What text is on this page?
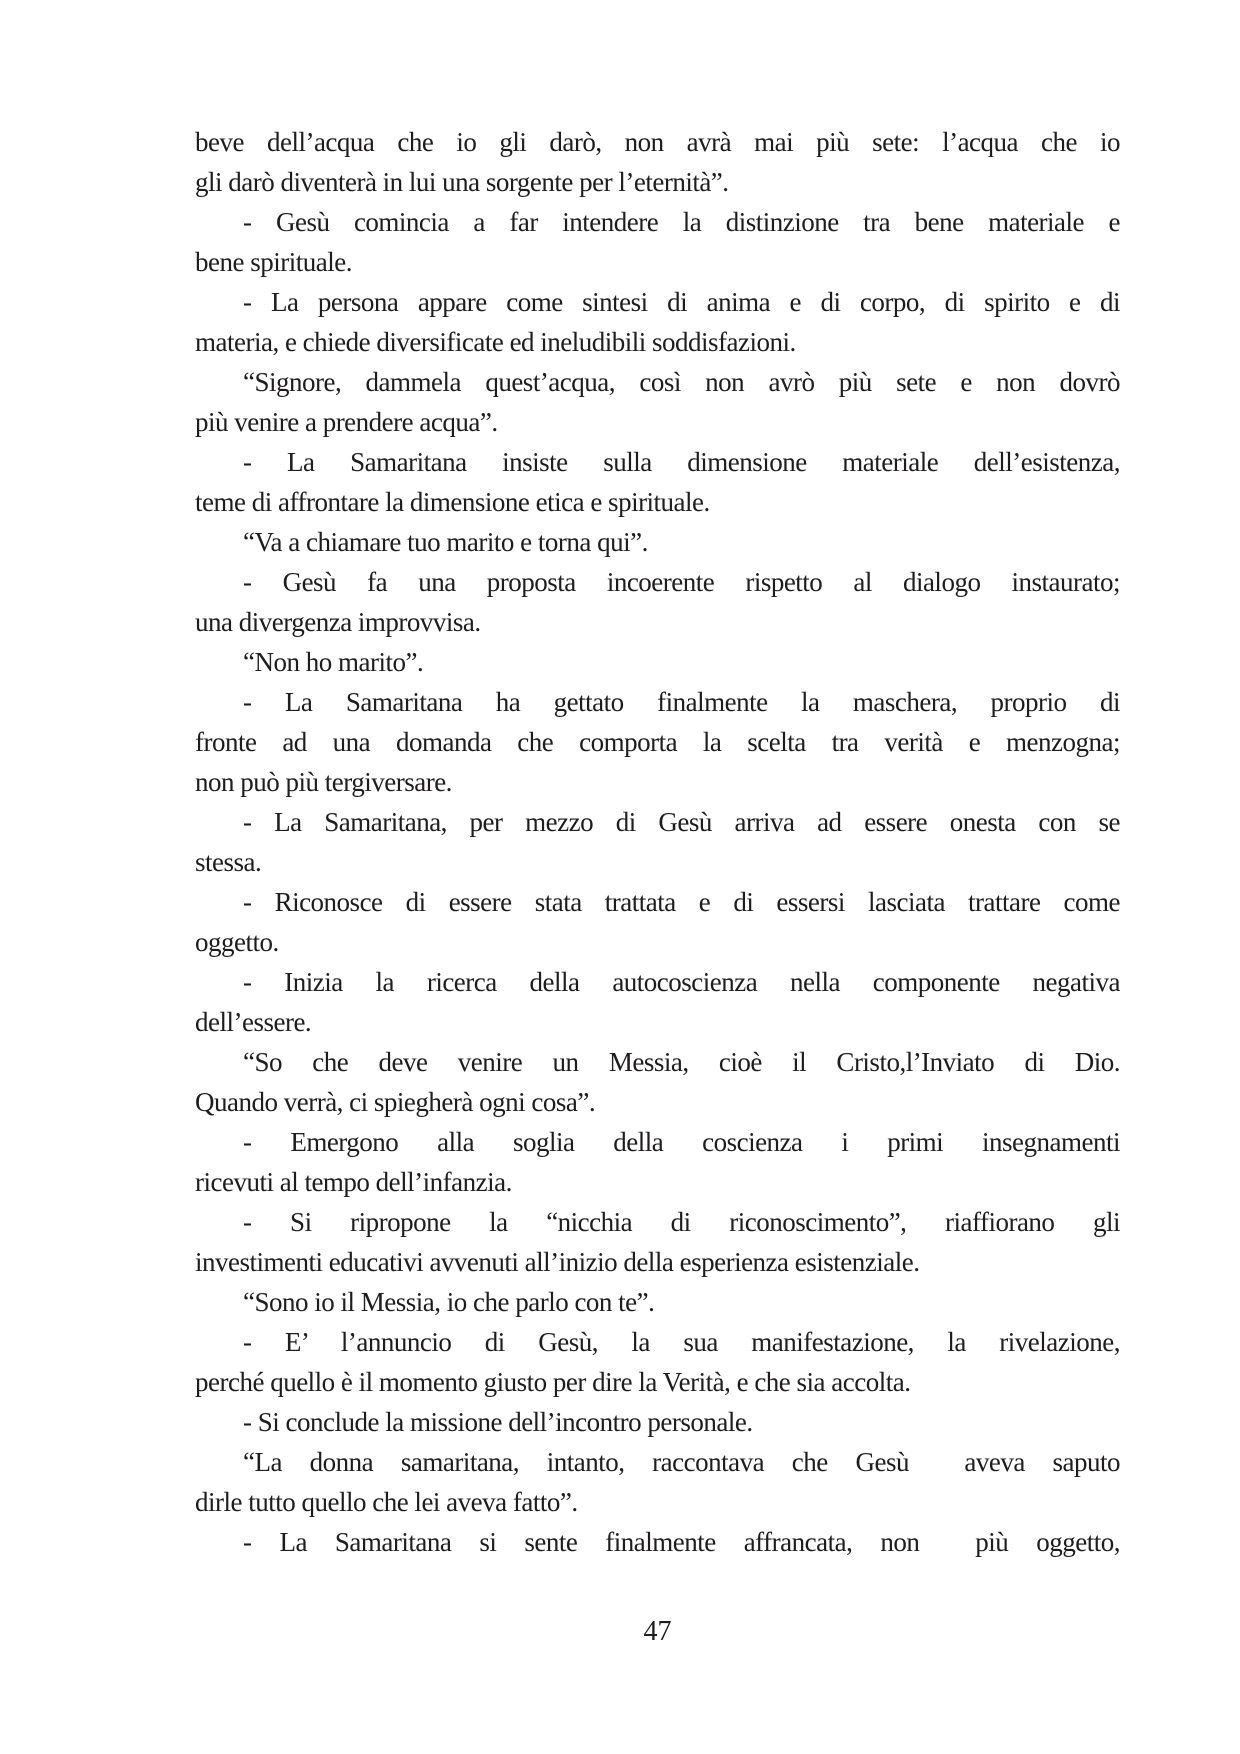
beve dell’acqua che io gli darò, non avrà mai più sete: l’acqua che io
gli darò diventerà in lui una sorgente per l’eternità”.
- Gesù comincia a far intendere la distinzione tra bene materiale e
bene spirituale.
- La persona appare come sintesi di anima e di corpo, di spirito e di
materia, e chiede diversificate ed ineludibili soddisfazioni.
“Signore, dammela quest’acqua, così non avrò più sete e non dovrò
più venire a prendere acqua”.
- La Samaritana insiste sulla dimensione materiale dell’esistenza,
teme di affrontare la dimensione etica e spirituale.
“Va a chiamare tuo marito e torna qui”.
- Gesù fa una proposta incoerente rispetto al dialogo instaurato;
una divergenza improvvisa.
“Non ho marito”.
- La Samaritana ha gettato finalmente la maschera, proprio di
fronte ad una domanda che comporta la scelta tra verità e menzogna;
non può più tergiversare.
- La Samaritana, per mezzo di Gesù arriva ad essere onesta con se
stessa.
- Riconosce di essere stata trattata e di essersi lasciata trattare come
oggetto.
- Inizia la ricerca della autocoscienza nella componente negativa
dell’essere.
“So che deve venire un Messia, cioè il Cristo,l’Inviato di Dio.
Quando verrà, ci spiegherà ogni cosa”.
- Emergono alla soglia della coscienza i primi insegnamenti
ricevuti al tempo dell’infanzia.
- Si ripropone la “nicchia di riconoscimento”, riaffiorano gli
investimenti educativi avvenuti all’inizio della esperienza esistenziale.
“Sono io il Messia, io che parlo con te”.
- E’ l’annuncio di Gesù, la sua manifestazione, la rivelazione,
perché quello è il momento giusto per dire la Verità, e che sia accolta.
- Si conclude la missione dell’incontro personale.
“La donna samaritana, intanto, raccontava che Gesù  aveva saputo
dirle tutto quello che lei aveva fatto”.
- La Samaritana si sente finalmente affrancata, non  più oggetto,
47
